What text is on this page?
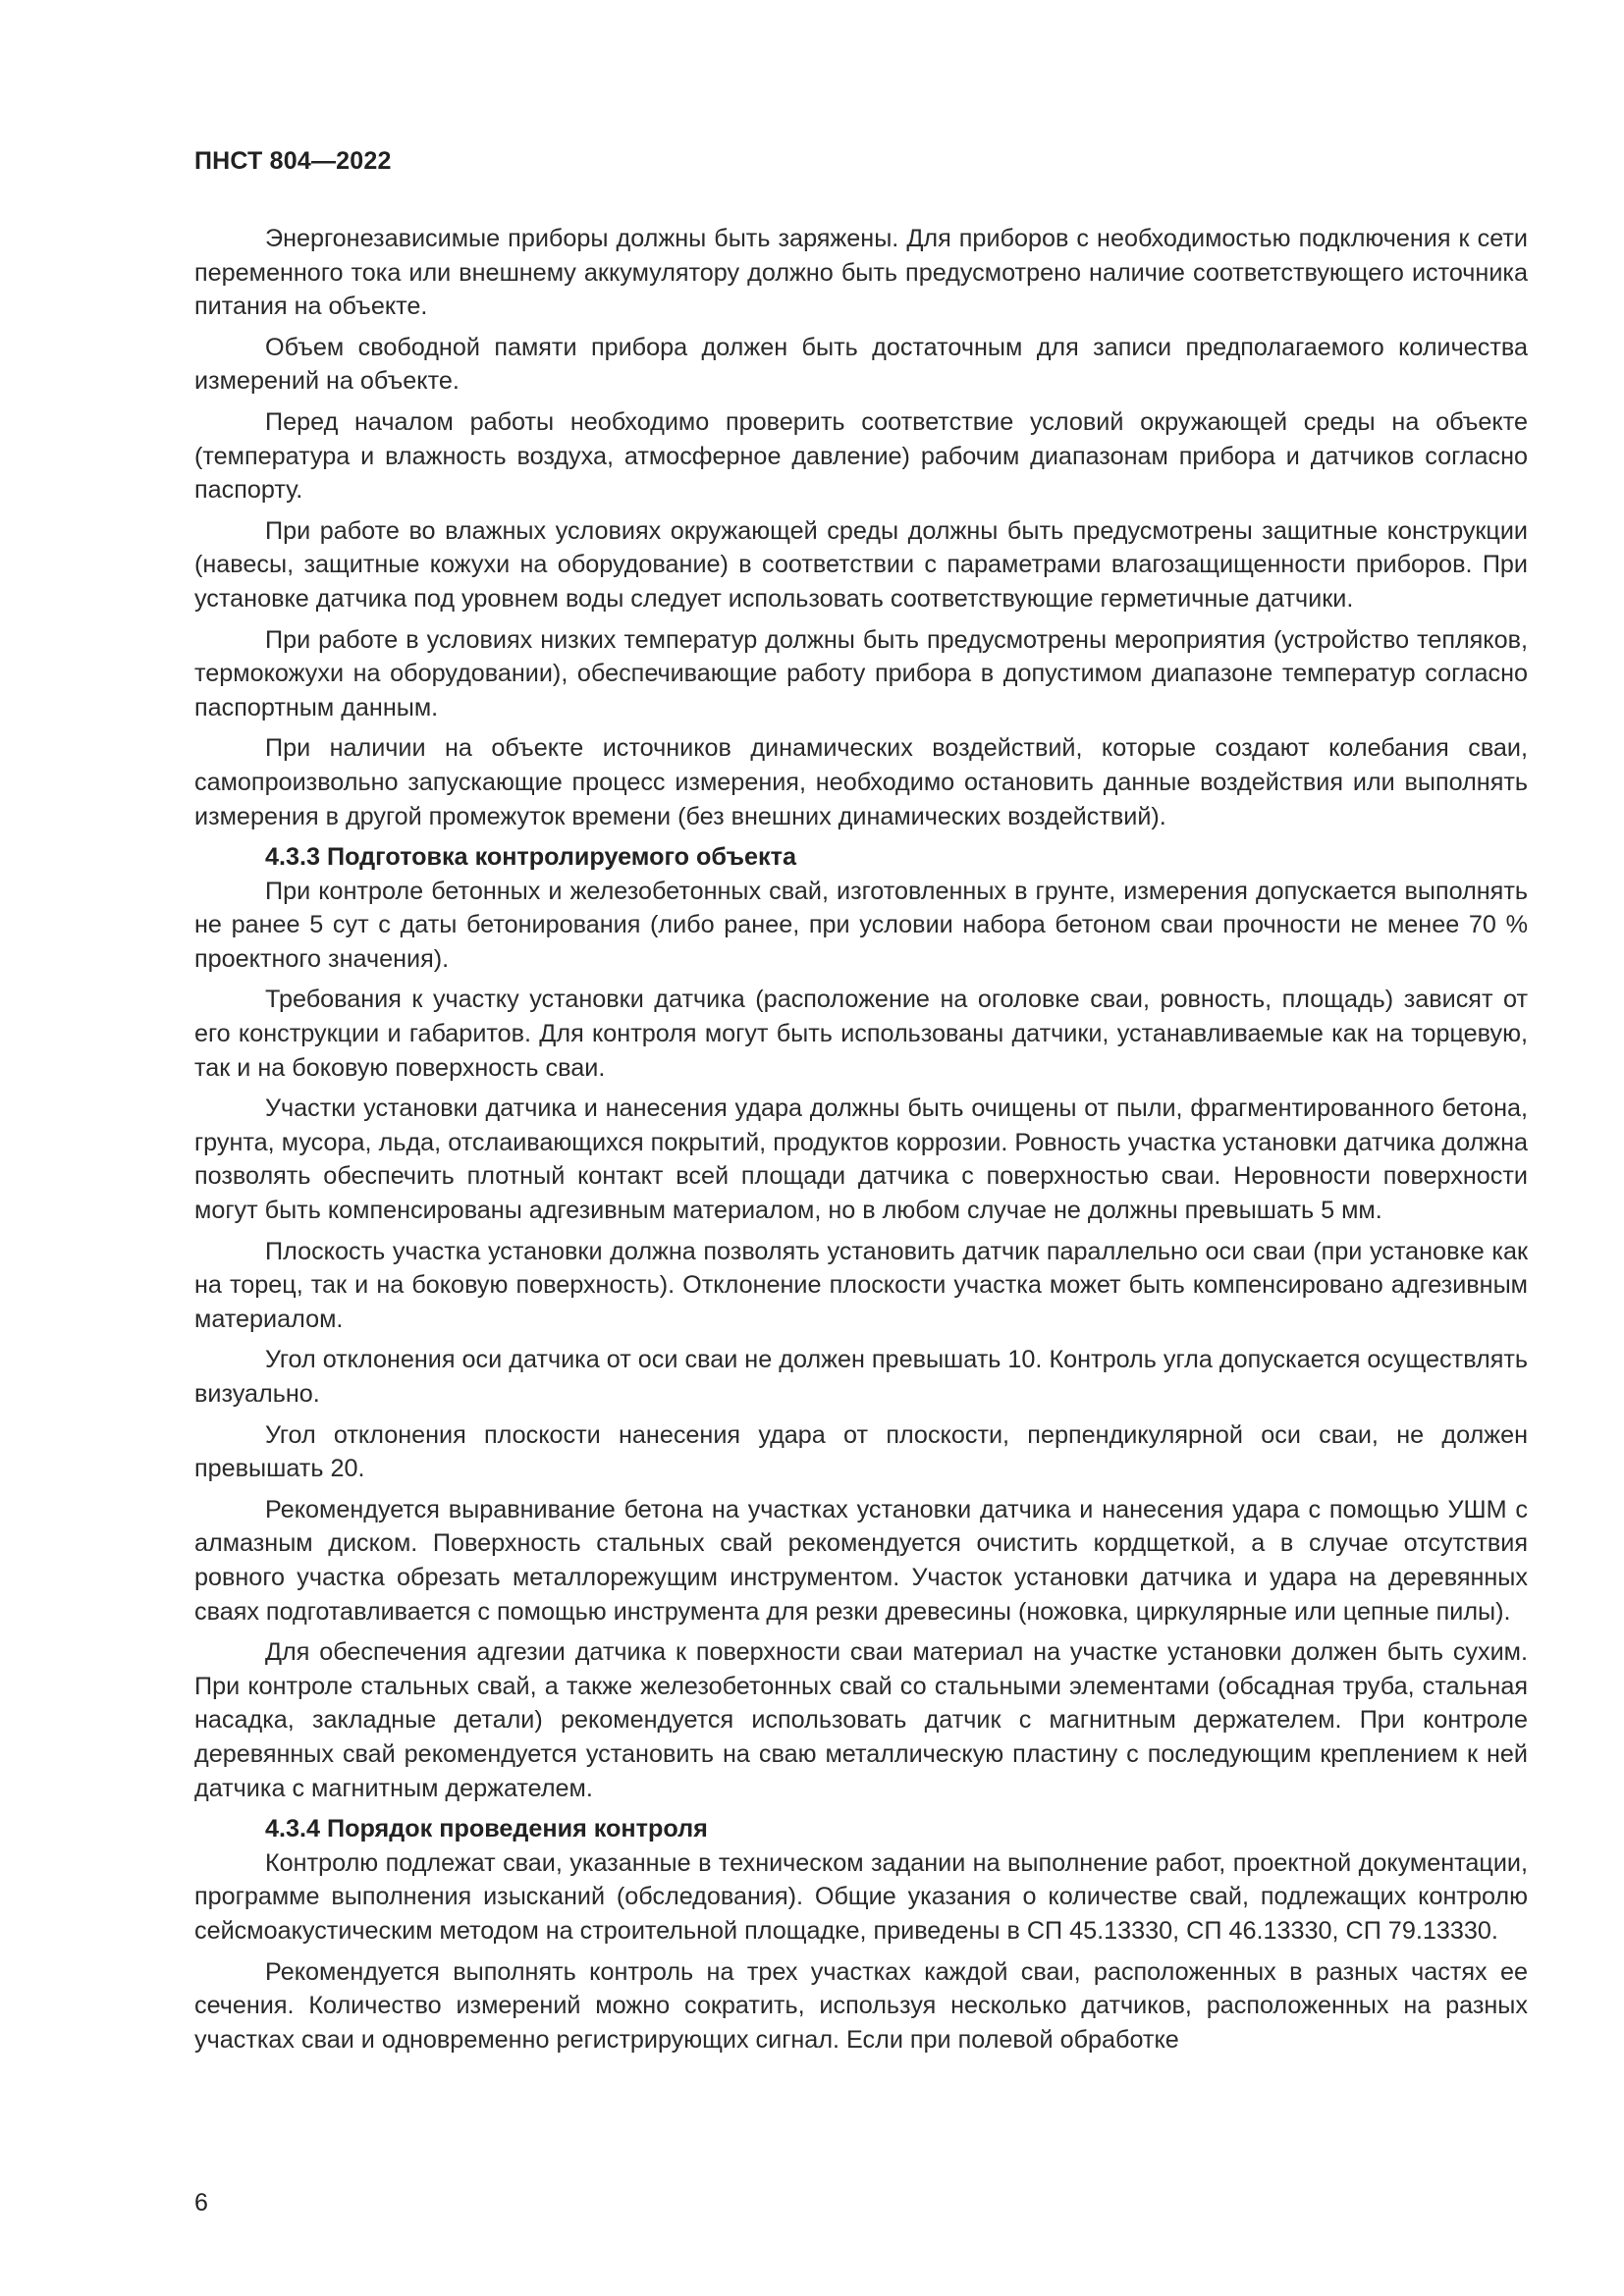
ПНСТ 804—2022

Энергонезависимые приборы должны быть заряжены. Для приборов с необходимостью подключения к сети переменного тока или внешнему аккумулятору должно быть предусмотрено наличие соответствующего источника питания на объекте.

Объем свободной памяти прибора должен быть достаточным для записи предполагаемого количества измерений на объекте.

Перед началом работы необходимо проверить соответствие условий окружающей среды на объекте (температура и влажность воздуха, атмосферное давление) рабочим диапазонам прибора и датчиков согласно паспорту.

При работе во влажных условиях окружающей среды должны быть предусмотрены защитные конструкции (навесы, защитные кожухи на оборудование) в соответствии с параметрами влагозащищенности приборов. При установке датчика под уровнем воды следует использовать соответствующие герметичные датчики.

При работе в условиях низких температур должны быть предусмотрены мероприятия (устройство тепляков, термокожухи на оборудовании), обеспечивающие работу прибора в допустимом диапазоне температур согласно паспортным данным.

При наличии на объекте источников динамических воздействий, которые создают колебания сваи, самопроизвольно запускающие процесс измерения, необходимо остановить данные воздействия или выполнять измерения в другой промежуток времени (без внешних динамических воздействий).

4.3.3 Подготовка контролируемого объекта

При контроле бетонных и железобетонных свай, изготовленных в грунте, измерения допускается выполнять не ранее 5 сут с даты бетонирования (либо ранее, при условии набора бетоном сваи прочности не менее 70 % проектного значения).

Требования к участку установки датчика (расположение на оголовке сваи, ровность, площадь) зависят от его конструкции и габаритов. Для контроля могут быть использованы датчики, устанавливаемые как на торцевую, так и на боковую поверхность сваи.

Участки установки датчика и нанесения удара должны быть очищены от пыли, фрагментированного бетона, грунта, мусора, льда, отслаивающихся покрытий, продуктов коррозии. Ровность участка установки датчика должна позволять обеспечить плотный контакт всей площади датчика с поверхностью сваи. Неровности поверхности могут быть компенсированы адгезивным материалом, но в любом случае не должны превышать 5 мм.

Плоскость участка установки должна позволять установить датчик параллельно оси сваи (при установке как на торец, так и на боковую поверхность). Отклонение плоскости участка может быть компенсировано адгезивным материалом.

Угол отклонения оси датчика от оси сваи не должен превышать 10. Контроль угла допускается осуществлять визуально.

Угол отклонения плоскости нанесения удара от плоскости, перпендикулярной оси сваи, не должен превышать 20.

Рекомендуется выравнивание бетона на участках установки датчика и нанесения удара с помощью УШМ с алмазным диском. Поверхность стальных свай рекомендуется очистить кордщеткой, а в случае отсутствия ровного участка обрезать металлорежущим инструментом. Участок установки датчика и удара на деревянных сваях подготавливается с помощью инструмента для резки древесины (ножовка, циркулярные или цепные пилы).

Для обеспечения адгезии датчика к поверхности сваи материал на участке установки должен быть сухим. При контроле стальных свай, а также железобетонных свай со стальными элементами (обсадная труба, стальная насадка, закладные детали) рекомендуется использовать датчик с магнитным держателем. При контроле деревянных свай рекомендуется установить на сваю металлическую пластину с последующим креплением к ней датчика с магнитным держателем.

4.3.4 Порядок проведения контроля

Контролю подлежат сваи, указанные в техническом задании на выполнение работ, проектной документации, программе выполнения изысканий (обследования). Общие указания о количестве свай, подлежащих контролю сейсмоакустическим методом на строительной площадке, приведены в СП 45.13330, СП 46.13330, СП 79.13330.

Рекомендуется выполнять контроль на трех участках каждой сваи, расположенных в разных частях ее сечения. Количество измерений можно сократить, используя несколько датчиков, расположенных на разных участках сваи и одновременно регистрирующих сигнал. Если при полевой обработке

6
